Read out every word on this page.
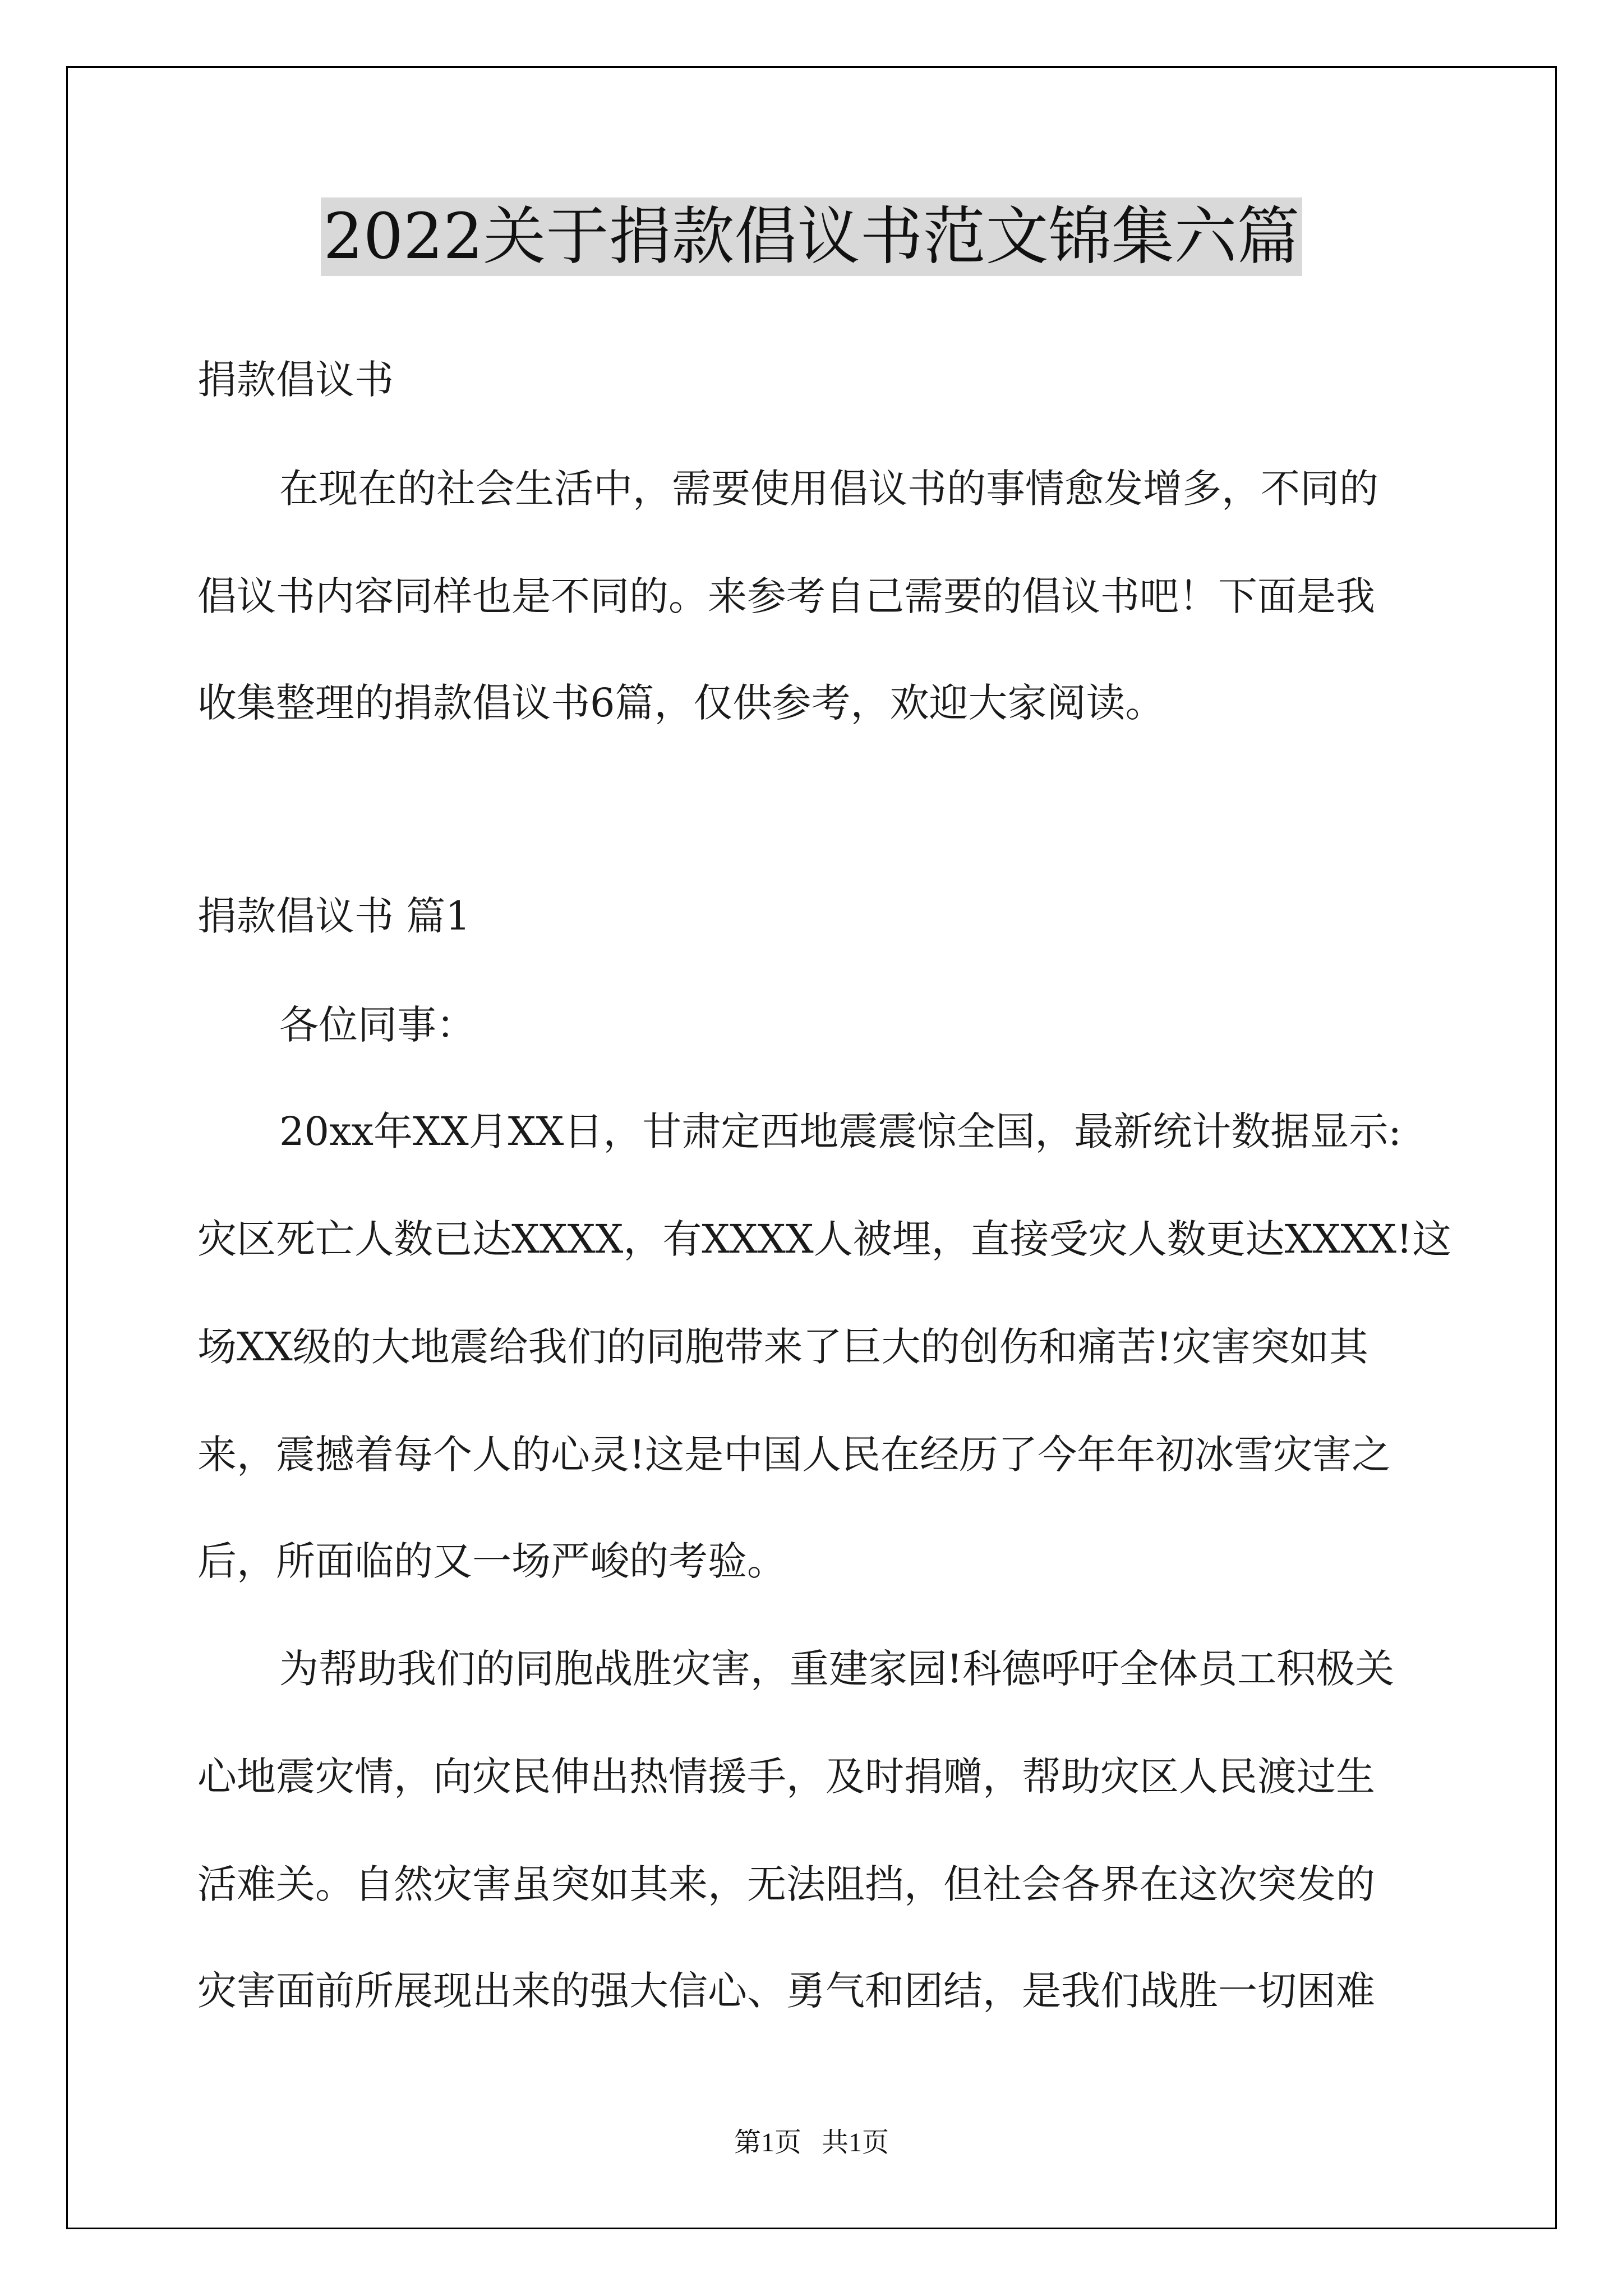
2022关于捐款倡议书范文锦集六篇

捐款倡议书

在现在的社会生活中，需要使用倡议书的事情愈发增多，不同的

倡议书内容同样也是不同的。来参考自己需要的倡议书吧！下面是我

收集整理的捐款倡议书6篇，仅供参考，欢迎大家阅读。

捐款倡议书 篇1

各位同事：

20xx年XX月XX日，甘肃定西地震震惊全国，最新统计数据显示:

灾区死亡人数已达XXXX，有XXXX人被埋，直接受灾人数更达XXXX!这

场XX级的大地震给我们的同胞带来了巨大的创伤和痛苦!灾害突如其

来，震撼着每个人的心灵!这是中国人民在经历了今年年初冰雪灾害之

后，所面临的又一场严峻的考验。

为帮助我们的同胞战胜灾害，重建家园!科德呼吁全体员工积极关

心地震灾情，向灾民伸出热情援手，及时捐赠，帮助灾区人民渡过生

活难关。自然灾害虽突如其来，无法阻挡，但社会各界在这次突发的

灾害面前所展现出来的强大信心、勇气和团结，是我们战胜一切困难

第1页 共1页
